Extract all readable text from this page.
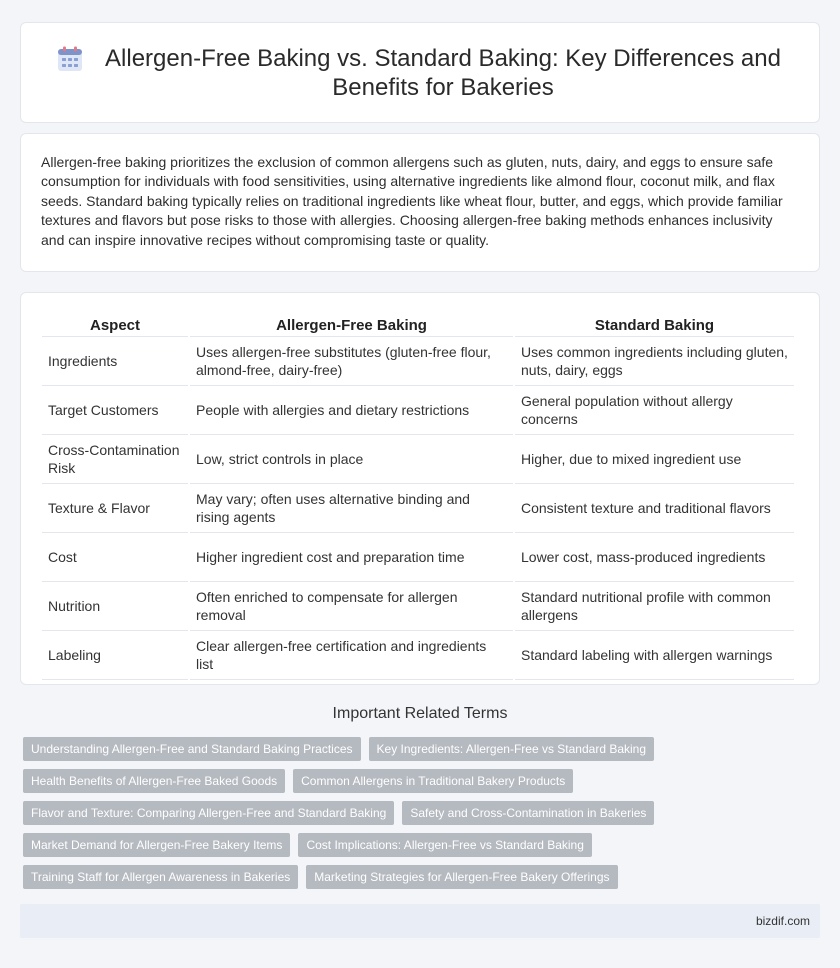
Allergen-Free Baking vs. Standard Baking: Key Differences and Benefits for Bakeries

Allergen-free baking prioritizes the exclusion of common allergens such as gluten, nuts, dairy, and eggs to ensure safe consumption for individuals with food sensitivities, using alternative ingredients like almond flour, coconut milk, and flax seeds. Standard baking typically relies on traditional ingredients like wheat flour, butter, and eggs, which provide familiar textures and flavors but pose risks to those with allergies. Choosing allergen-free baking methods enhances inclusivity and can inspire innovative recipes without compromising taste or quality.

Aspect	Allergen-Free Baking	Standard Baking
Ingredients	Uses allergen-free substitutes (gluten-free flour, almond-free, dairy-free)	Uses common ingredients including gluten, nuts, dairy, eggs
Target Customers	People with allergies and dietary restrictions	General population without allergy concerns
Cross-Contamination Risk	Low, strict controls in place	Higher, due to mixed ingredient use
Texture & Flavor	May vary; often uses alternative binding and rising agents	Consistent texture and traditional flavors
Cost	Higher ingredient cost and preparation time	Lower cost, mass-produced ingredients
Nutrition	Often enriched to compensate for allergen removal	Standard nutritional profile with common allergens
Labeling	Clear allergen-free certification and ingredients list	Standard labeling with allergen warnings
Important Related Terms
Understanding Allergen-Free and Standard Baking Practices	Key Ingredients: Allergen-Free vs Standard Baking
Health Benefits of Allergen-Free Baked Goods	Common Allergens in Traditional Bakery Products
Flavor and Texture: Comparing Allergen-Free and Standard Baking	Safety and Cross-Contamination in Bakeries
Market Demand for Allergen-Free Bakery Items	Cost Implications: Allergen-Free vs Standard Baking
Training Staff for Allergen Awareness in Bakeries	Marketing Strategies for Allergen-Free Bakery Offerings
bizdif.com
